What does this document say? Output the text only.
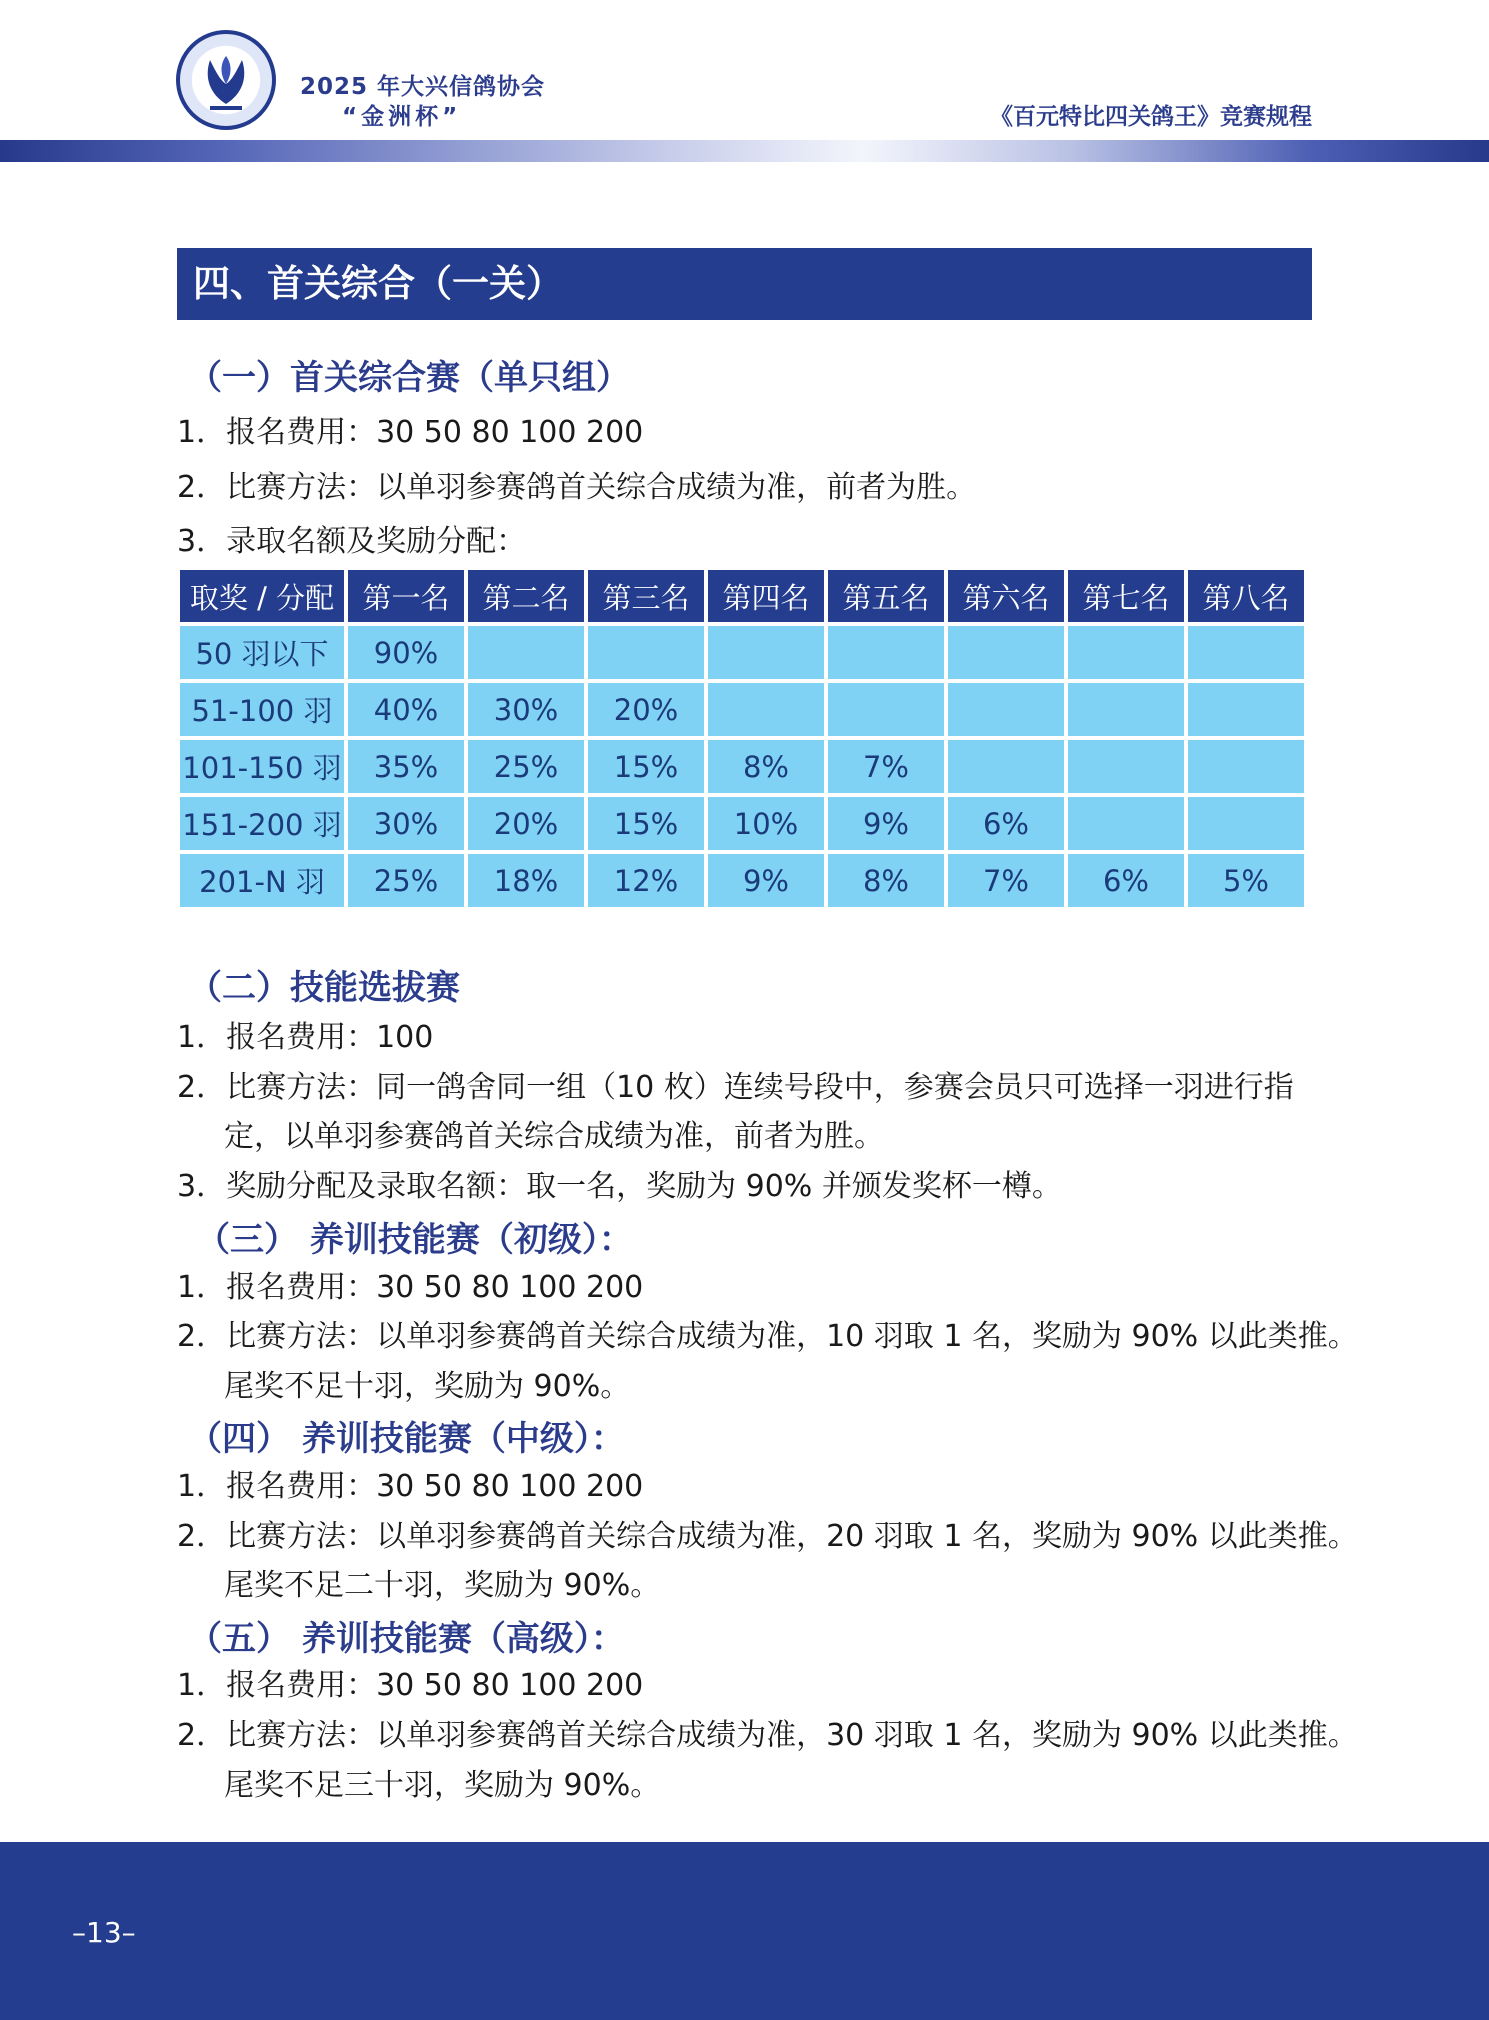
2025 年大兴信鸽协会
“金洲杯”	《百元特比四关鸽王》竞赛规程
四、首关综合（一关）
（一）首关综合赛（单只组）
1．报名费用：30 50 80 100 200
2．比赛方法：以单羽参赛鸽首关综合成绩为准，前者为胜。
3．录取名额及奖励分配：
取奖 / 分配	第一名	第二名	第三名	第四名	第五名	第六名	第七名	第八名
50 羽以下	90%							
51-100 羽	40%	30%	20%					
101-150 羽	35%	25%	15%	8%	7%			
151-200 羽	30%	20%	15%	10%	9%	6%		
201-N 羽	25%	18%	12%	9%	8%	7%	6%	5%
（二）技能选拔赛
1．报名费用：100
2．比赛方法：同一鸽舍同一组（10 枚）连续号段中，参赛会员只可选择一羽进行指
定，以单羽参赛鸽首关综合成绩为准，前者为胜。
3．奖励分配及录取名额：取一名，奖励为 90% 并颁发奖杯一樽。
（三） 养训技能赛（初级）：
1．报名费用：30 50 80 100 200
2．比赛方法：以单羽参赛鸽首关综合成绩为准，10 羽取 1 名，奖励为 90% 以此类推。
尾奖不足十羽，奖励为 90%。
（四） 养训技能赛（中级）：
1．报名费用：30 50 80 100 200
2．比赛方法：以单羽参赛鸽首关综合成绩为准，20 羽取 1 名，奖励为 90% 以此类推。
尾奖不足二十羽，奖励为 90%。
（五） 养训技能赛（高级）：
1．报名费用：30 50 80 100 200
2．比赛方法：以单羽参赛鸽首关综合成绩为准，30 羽取 1 名，奖励为 90% 以此类推。
尾奖不足三十羽，奖励为 90%。
–13–
